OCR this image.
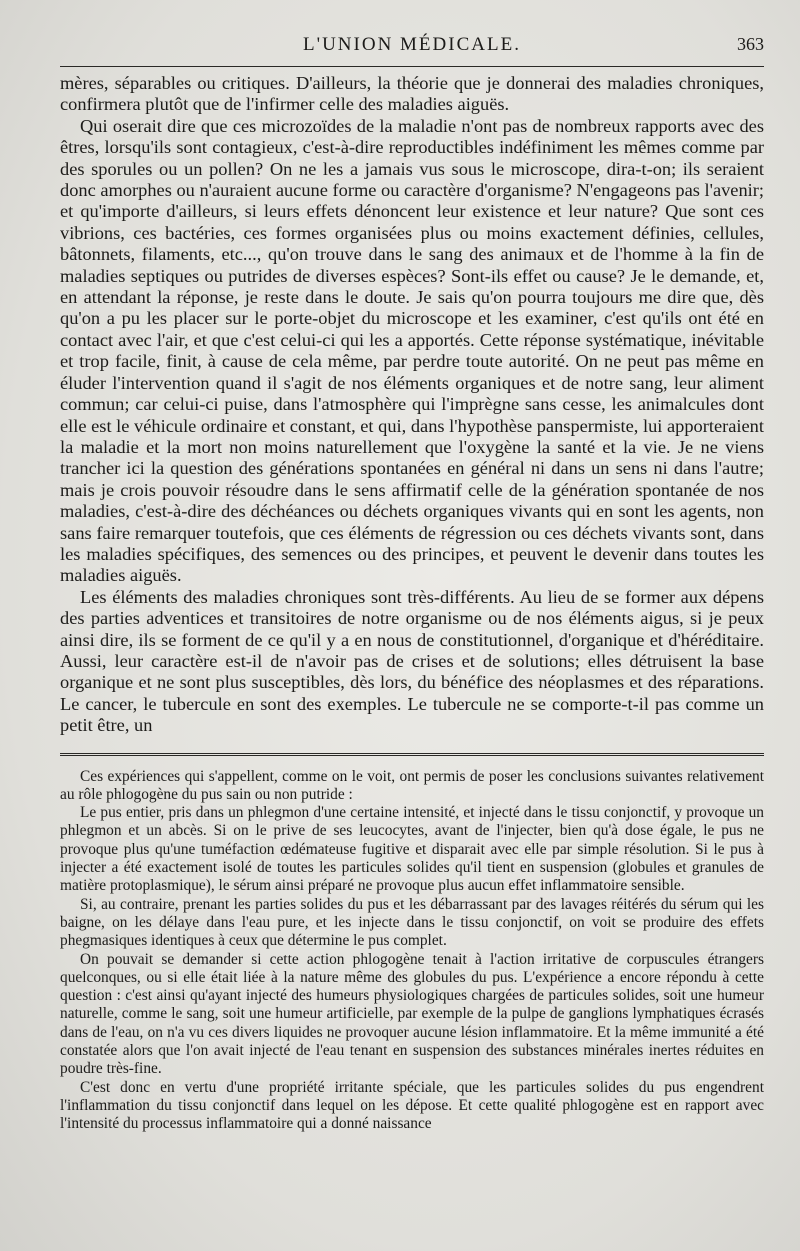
L'UNION MÉDICALE.	363

mères, séparables ou critiques. D'ailleurs, la théorie que je donnerai des maladies chroniques, confirmera plutôt que de l'infirmer celle des maladies aiguës.

Qui oserait dire que ces microzoïdes de la maladie n'ont pas de nombreux rapports avec des êtres, lorsqu'ils sont contagieux, c'est-à-dire reproductibles indéfiniment les mêmes comme par des sporules ou un pollen? On ne les a jamais vus sous le microscope, dira-t-on; ils seraient donc amorphes ou n'auraient aucune forme ou caractère d'organisme? N'engageons pas l'avenir; et qu'importe d'ailleurs, si leurs effets dénoncent leur existence et leur nature? Que sont ces vibrions, ces bactéries, ces formes organisées plus ou moins exactement définies, cellules, bâtonnets, filaments, etc..., qu'on trouve dans le sang des animaux et de l'homme à la fin de maladies septiques ou putrides de diverses espèces? Sont-ils effet ou cause? Je le demande, et, en attendant la réponse, je reste dans le doute. Je sais qu'on pourra toujours me dire que, dès qu'on a pu les placer sur le porte-objet du microscope et les examiner, c'est qu'ils ont été en contact avec l'air, et que c'est celui-ci qui les a apportés. Cette réponse systématique, inévitable et trop facile, finit, à cause de cela même, par perdre toute autorité. On ne peut pas même en éluder l'intervention quand il s'agit de nos éléments organiques et de notre sang, leur aliment commun; car celui-ci puise, dans l'atmosphère qui l'imprègne sans cesse, les animalcules dont elle est le véhicule ordinaire et constant, et qui, dans l'hypothèse panspermiste, lui apporteraient la maladie et la mort non moins naturellement que l'oxygène la santé et la vie. Je ne viens trancher ici la question des générations spontanées en général ni dans un sens ni dans l'autre; mais je crois pouvoir résoudre dans le sens affirmatif celle de la génération spontanée de nos maladies, c'est-à-dire des déchéances ou déchets organiques vivants qui en sont les agents, non sans faire remarquer toutefois, que ces éléments de régression ou ces déchets vivants sont, dans les maladies spécifiques, des semences ou des principes, et peuvent le devenir dans toutes les maladies aiguës.

Les éléments des maladies chroniques sont très-différents. Au lieu de se former aux dépens des parties adventices et transitoires de notre organisme ou de nos éléments aigus, si je peux ainsi dire, ils se forment de ce qu'il y a en nous de constitutionnel, d'organique et d'héréditaire. Aussi, leur caractère est-il de n'avoir pas de crises et de solutions; elles détruisent la base organique et ne sont plus susceptibles, dès lors, du bénéfice des néoplasmes et des réparations. Le cancer, le tubercule en sont des exemples. Le tubercule ne se comporte-t-il pas comme un petit être, un

Ces expériences qui s'appellent, comme on le voit, ont permis de poser les conclusions suivantes relativement au rôle phlogogène du pus sain ou non putride :

Le pus entier, pris dans un phlegmon d'une certaine intensité, et injecté dans le tissu conjonctif, y provoque un phlegmon et un abcès. Si on le prive de ses leucocytes, avant de l'injecter, bien qu'à dose égale, le pus ne provoque plus qu'une tuméfaction œdémateuse fugitive et disparait avec elle par simple résolution. Si le pus à injecter a été exactement isolé de toutes les particules solides qu'il tient en suspension (globules et granules de matière protoplasmique), le sérum ainsi préparé ne provoque plus aucun effet inflammatoire sensible.

Si, au contraire, prenant les parties solides du pus et les débarrassant par des lavages réitérés du sérum qui les baigne, on les délaye dans l'eau pure, et les injecte dans le tissu conjonctif, on voit se produire des effets phegmasiques identiques à ceux que détermine le pus complet.

On pouvait se demander si cette action phlogogène tenait à l'action irritative de corpuscules étrangers quelconques, ou si elle était liée à la nature même des globules du pus. L'expérience a encore répondu à cette question : c'est ainsi qu'ayant injecté des humeurs physiologiques chargées de particules solides, soit une humeur naturelle, comme le sang, soit une humeur artificielle, par exemple de la pulpe de ganglions lymphatiques écrasés dans de l'eau, on n'a vu ces divers liquides ne provoquer aucune lésion inflammatoire. Et la même immunité a été constatée alors que l'on avait injecté de l'eau tenant en suspension des substances minérales inertes réduites en poudre très-fine.

C'est donc en vertu d'une propriété irritante spéciale, que les particules solides du pus engendrent l'inflammation du tissu conjonctif dans lequel on les dépose. Et cette qualité phlogogène est en rapport avec l'intensité du processus inflammatoire qui a donné naissance
